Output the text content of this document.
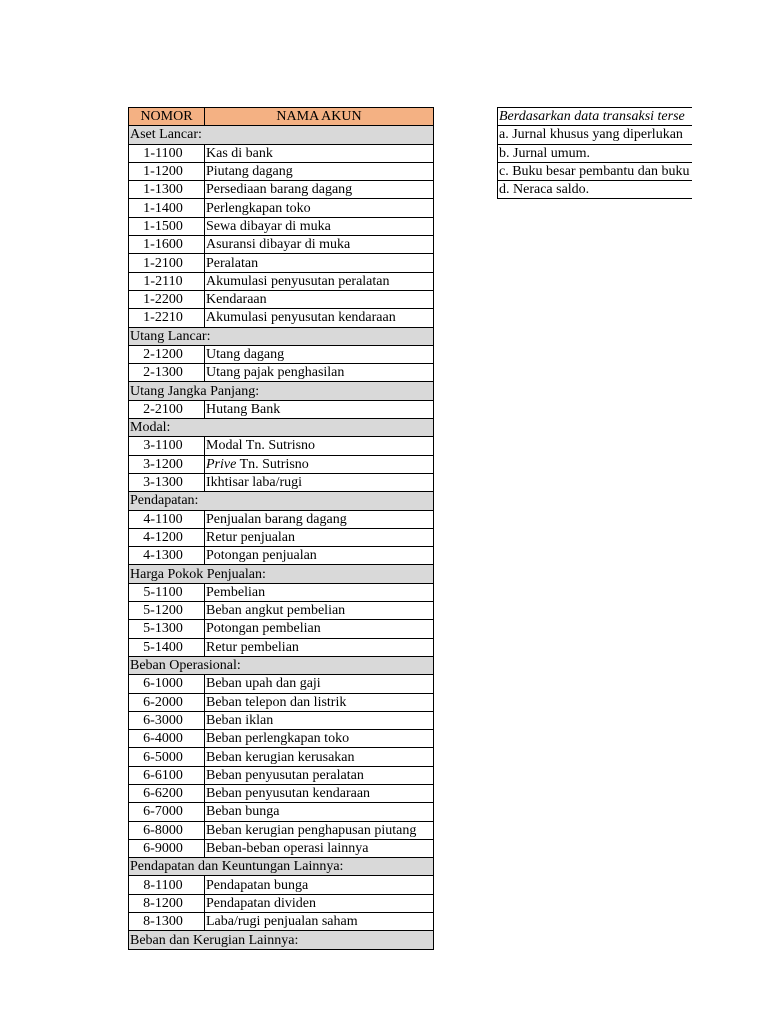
NOMOR	NAMA AKUN
Aset Lancar:	
1-1100	Kas di bank
1-1200	Piutang dagang
1-1300	Persediaan barang dagang
1-1400	Perlengkapan toko
1-1500	Sewa dibayar di muka
1-1600	Asuransi dibayar di muka
1-2100	Peralatan
1-2110	Akumulasi penyusutan peralatan
1-2200	Kendaraan
1-2210	Akumulasi penyusutan kendaraan
Utang Lancar:	
2-1200	Utang dagang
2-1300	Utang pajak penghasilan
Utang Jangka Panjang:	
2-2100	Hutang Bank
Modal:	
3-1100	Modal Tn. Sutrisno
3-1200	Prive Tn. Sutrisno
3-1300	Ikhtisar laba/rugi
Pendapatan:	
4-1100	Penjualan barang dagang
4-1200	Retur penjualan
4-1300	Potongan penjualan
Harga Pokok Penjualan:	
5-1100	Pembelian
5-1200	Beban angkut pembelian
5-1300	Potongan pembelian
5-1400	Retur pembelian
Beban Operasional:	
6-1000	Beban upah dan gaji
6-2000	Beban telepon dan listrik
6-3000	Beban iklan
6-4000	Beban perlengkapan toko
6-5000	Beban kerugian kerusakan
6-6100	Beban penyusutan peralatan
6-6200	Beban penyusutan kendaraan
6-7000	Beban bunga
6-8000	Beban kerugian penghapusan piutang
6-9000	Beban-beban operasi lainnya
Pendapatan dan Keuntungan Lainnya:	
8-1100	Pendapatan bunga
8-1200	Pendapatan dividen
8-1300	Laba/rugi penjualan saham
Beban dan Kerugian Lainnya:	
Berdasarkan data transaksi terse
a. Jurnal khusus yang diperlukan
b. Jurnal umum.
c. Buku besar pembantu dan buku
d. Neraca saldo.
